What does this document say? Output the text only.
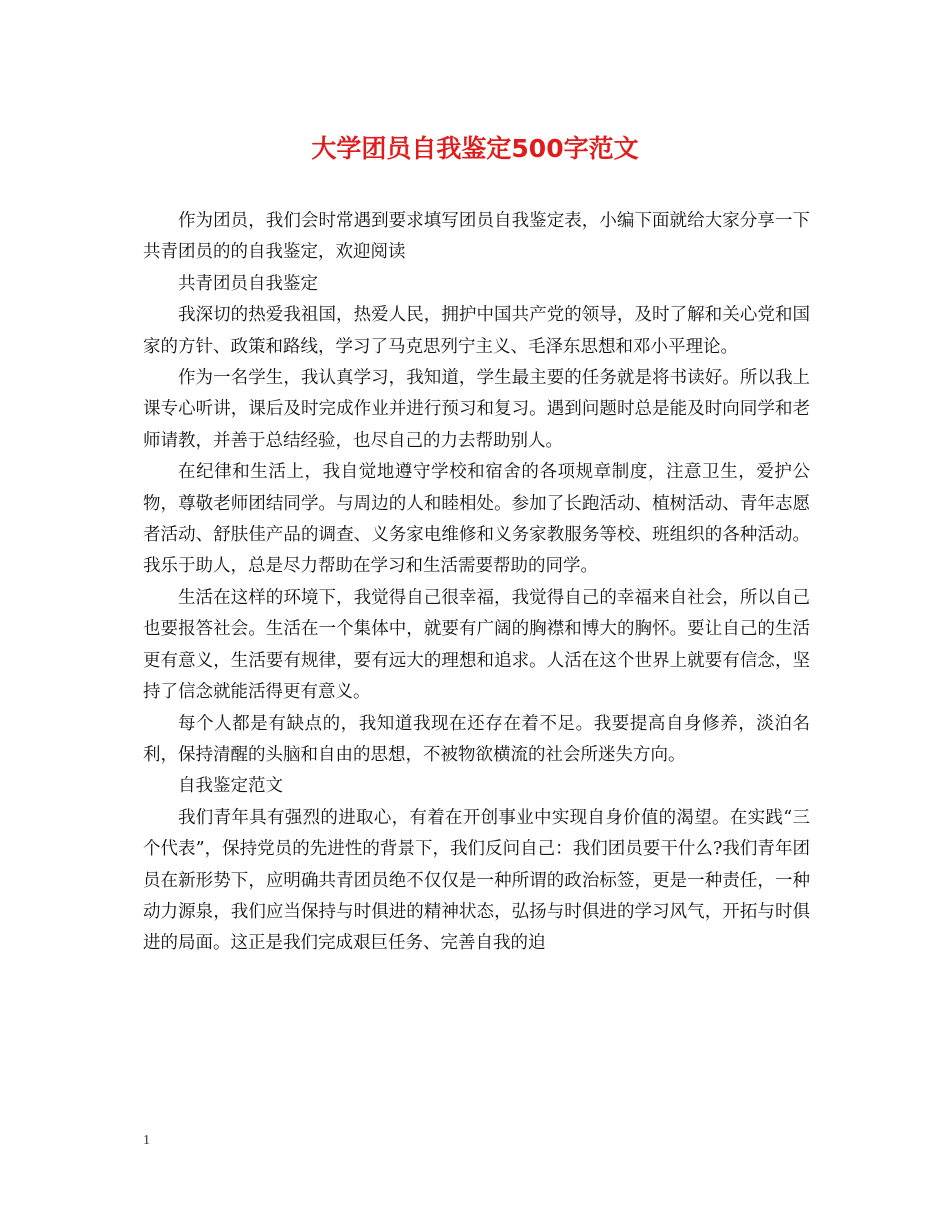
大学团员自我鉴定500字范文

作为团员，我们会时常遇到要求填写团员自我鉴定表，小编下面就给大家分享一下共青团员的的自我鉴定，欢迎阅读

共青团员自我鉴定

我深切的热爱我祖国，热爱人民，拥护中国共产党的领导，及时了解和关心党和国家的方针、政策和路线，学习了马克思列宁主义、毛泽东思想和邓小平理论。

作为一名学生，我认真学习，我知道，学生最主要的任务就是将书读好。所以我上课专心听讲，课后及时完成作业并进行预习和复习。遇到问题时总是能及时向同学和老师请教，并善于总结经验，也尽自己的力去帮助别人。

在纪律和生活上，我自觉地遵守学校和宿舍的各项规章制度，注意卫生，爱护公物，尊敬老师团结同学。与周边的人和睦相处。参加了长跑活动、植树活动、青年志愿者活动、舒肤佳产品的调查、义务家电维修和义务家教服务等校、班组织的各种活动。我乐于助人，总是尽力帮助在学习和生活需要帮助的同学。

生活在这样的环境下，我觉得自己很幸福，我觉得自己的幸福来自社会，所以自己也要报答社会。生活在一个集体中，就要有广阔的胸襟和博大的胸怀。要让自己的生活更有意义，生活要有规律，要有远大的理想和追求。人活在这个世界上就要有信念，坚持了信念就能活得更有意义。

每个人都是有缺点的，我知道我现在还存在着不足。我要提高自身修养，淡泊名利，保持清醒的头脑和自由的思想，不被物欲横流的社会所迷失方向。

自我鉴定范文

我们青年具有强烈的进取心，有着在开创事业中实现自身价值的渴望。在实践“三个代表”，保持党员的先进性的背景下，我们反问自己：我们团员要干什么?我们青年团员在新形势下，应明确共青团员绝不仅仅是一种所谓的政治标签，更是一种责任，一种动力源泉，我们应当保持与时俱进的精神状态，弘扬与时俱进的学习风气，开拓与时俱进的局面。这正是我们完成艰巨任务、完善自我的迫

1
